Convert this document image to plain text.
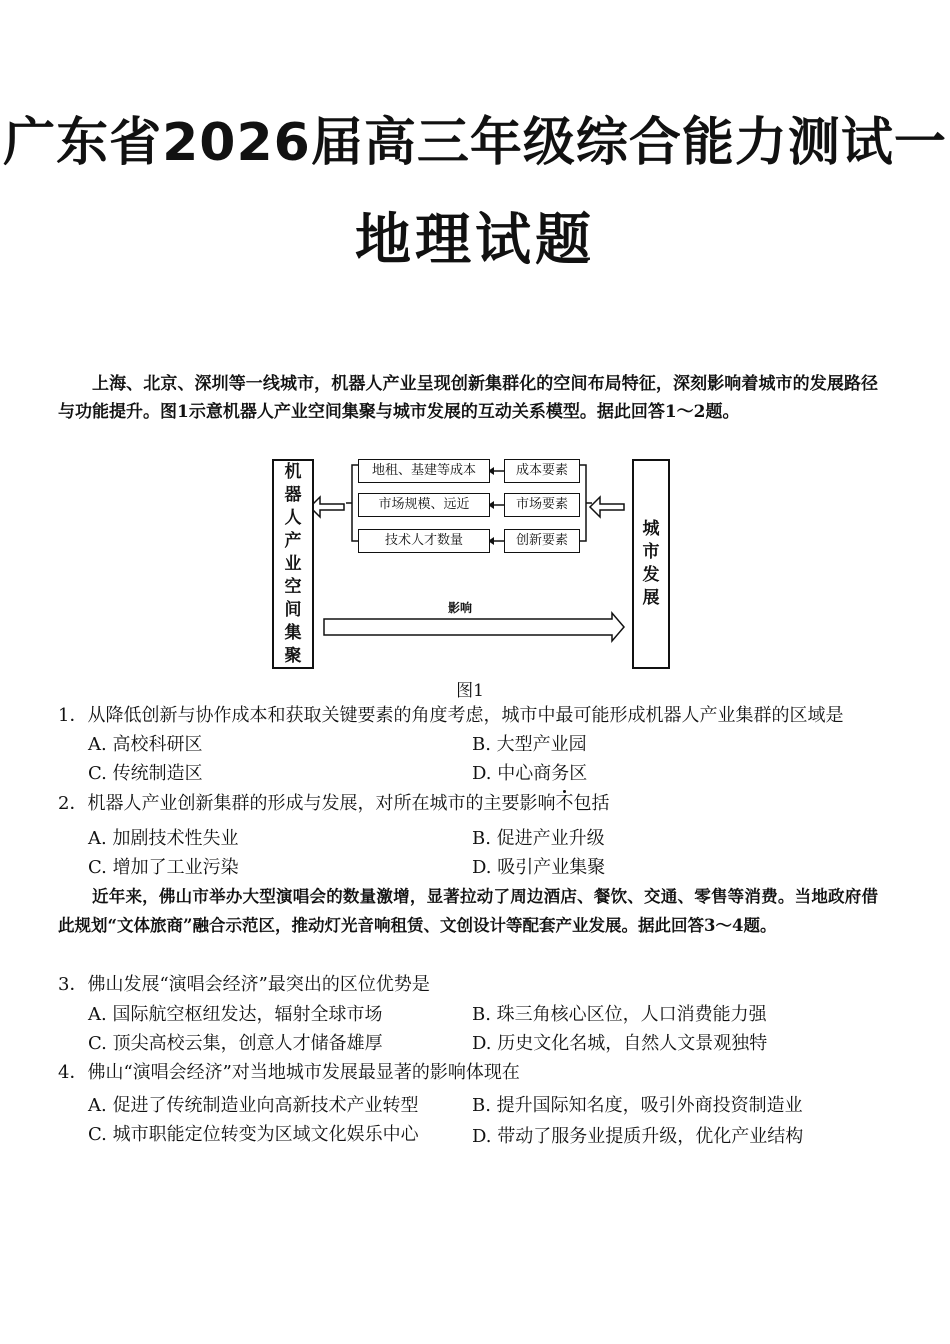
广东省2026届高三年级综合能力测试一
地理试题
上海、北京、深圳等一线城市，机器人产业呈现创新集群化的空间布局特征，深刻影响着城市的发展路径与功能提升。图1示意机器人产业空间集聚与城市发展的互动关系模型。据此回答1～2题。
机
器
人
产
业
空
间
集
聚
城
市
发
展
地租、基建等成本
市场规模、远近
技术人才数量
成本要素
市场要素
创新要素
影响
图1
1．从降低创新与协作成本和获取关键要素的角度考虑，城市中最可能形成机器人产业集群的区域是
A. 高校科研区	B. 大型产业园
C. 传统制造区	D. 中心商务区
2．机器人产业创新集群的形成与发展，对所在城市的主要影响不包括
A. 加剧技术性失业	B. 促进产业升级
C. 增加了工业污染	D. 吸引产业集聚
近年来，佛山市举办大型演唱会的数量激增，显著拉动了周边酒店、餐饮、交通、零售等消费。当地政府借此规划“文体旅商”融合示范区，推动灯光音响租赁、文创设计等配套产业发展。据此回答3～4题。
3．佛山发展“演唱会经济”最突出的区位优势是
A. 国际航空枢纽发达，辐射全球市场	B. 珠三角核心区位，人口消费能力强
C. 顶尖高校云集，创意人才储备雄厚	D. 历史文化名城，自然人文景观独特
4．佛山“演唱会经济”对当地城市发展最显著的影响体现在
A. 促进了传统制造业向高新技术产业转型	B. 提升国际知名度，吸引外商投资制造业
C. 城市职能定位转变为区域文化娱乐中心	D. 带动了服务业提质升级，优化产业结构
